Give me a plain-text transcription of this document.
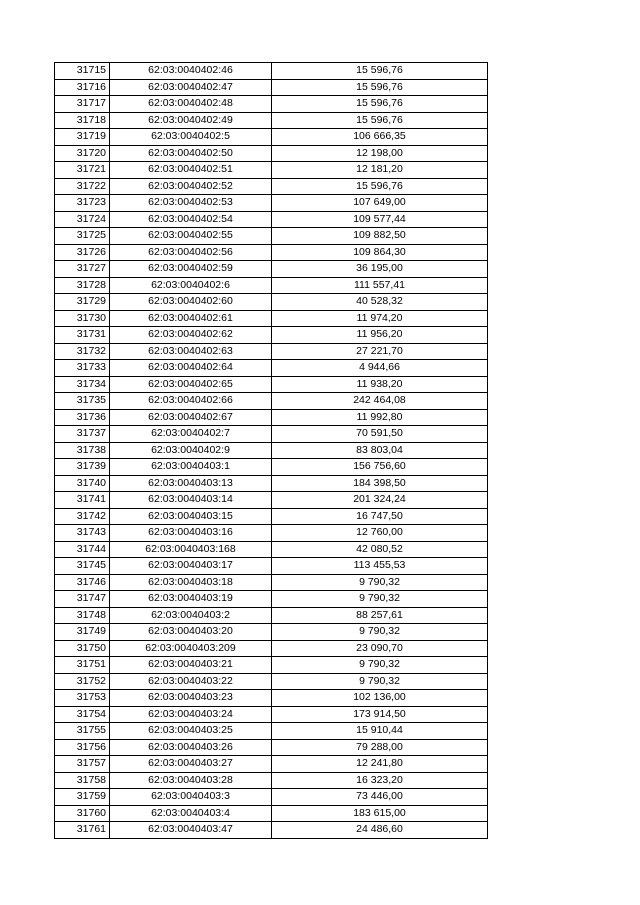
31715	62:03:0040402:46	15 596,76
31716	62:03:0040402:47	15 596,76
31717	62:03:0040402:48	15 596,76
31718	62:03:0040402:49	15 596,76
31719	62:03:0040402:5	106 666,35
31720	62:03:0040402:50	12 198,00
31721	62:03:0040402:51	12 181,20
31722	62:03:0040402:52	15 596,76
31723	62:03:0040402:53	107 649,00
31724	62:03:0040402:54	109 577,44
31725	62:03:0040402:55	109 882,50
31726	62:03:0040402:56	109 864,30
31727	62:03:0040402:59	36 195,00
31728	62:03:0040402:6	111 557,41
31729	62:03:0040402:60	40 528,32
31730	62:03:0040402:61	11 974,20
31731	62:03:0040402:62	11 956,20
31732	62:03:0040402:63	27 221,70
31733	62:03:0040402:64	4 944,66
31734	62:03:0040402:65	11 938,20
31735	62:03:0040402:66	242 464,08
31736	62:03:0040402:67	11 992,80
31737	62:03:0040402:7	70 591,50
31738	62:03:0040402:9	83 803,04
31739	62:03:0040403:1	156 756,60
31740	62:03:0040403:13	184 398,50
31741	62:03:0040403:14	201 324,24
31742	62:03:0040403:15	16 747,50
31743	62:03:0040403:16	12 760,00
31744	62:03:0040403:168	42 080,52
31745	62:03:0040403:17	113 455,53
31746	62:03:0040403:18	9 790,32
31747	62:03:0040403:19	9 790,32
31748	62:03:0040403:2	88 257,61
31749	62:03:0040403:20	9 790,32
31750	62:03:0040403:209	23 090,70
31751	62:03:0040403:21	9 790,32
31752	62:03:0040403:22	9 790,32
31753	62:03:0040403:23	102 136,00
31754	62:03:0040403:24	173 914,50
31755	62:03:0040403:25	15 910,44
31756	62:03:0040403:26	79 288,00
31757	62:03:0040403:27	12 241,80
31758	62:03:0040403:28	16 323,20
31759	62:03:0040403:3	73 446,00
31760	62:03:0040403:4	183 615,00
31761	62:03:0040403:47	24 486,60
